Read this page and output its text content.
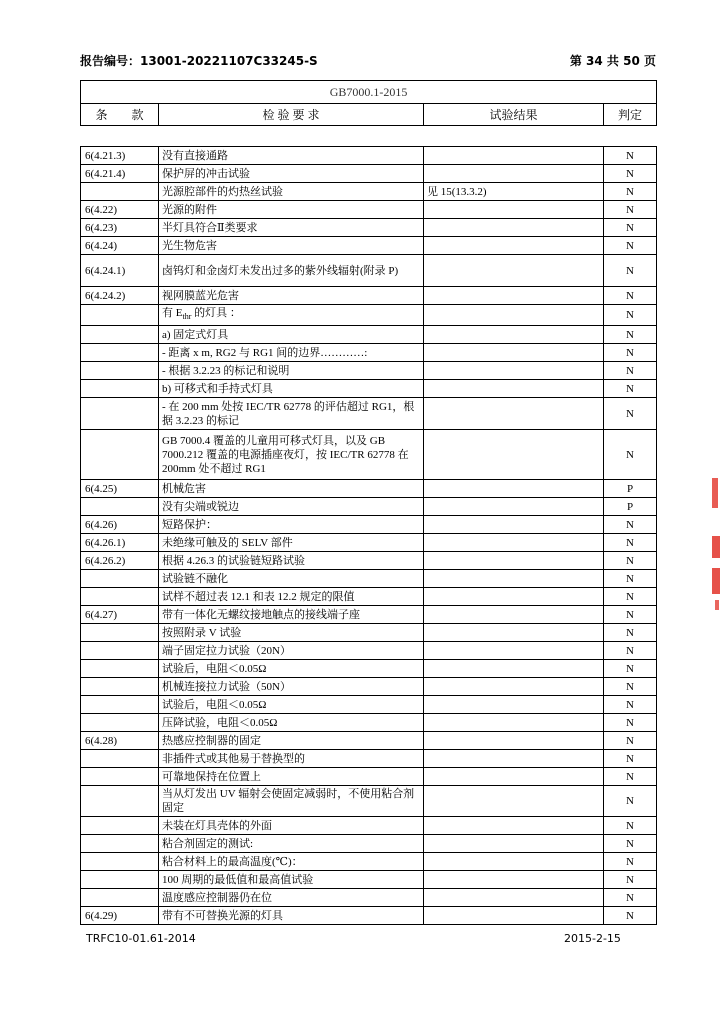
报告编号：13001-20221107C33245-S	第 34 共 50 页
GB7000.1-2015
条　　款	检 验 要 求	试验结果	判定
6(4.21.3)	没有直接通路		N
6(4.21.4)	保护屏的冲击试验		N
	光源腔部件的灼热丝试验	见 15(13.3.2)	N
6(4.22)	光源的附件		N
6(4.23)	半灯具符合Ⅱ类要求		N
6(4.24)	光生物危害		N
6(4.24.1)	卤钨灯和金卤灯未发出过多的紫外线辐射(附录 P)		N
6(4.24.2)	视网膜蓝光危害		N
	有 $E_{thr}$ 的灯具 ：		N
	a) 固定式灯具		N
	- 距离 x m, RG2 与 RG1 间的边界…………:		N
	- 根据 3.2.23 的标记和说明		N
	b) 可移式和手持式灯具		N
	- 在 200 mm 处按 IEC/TR 62778 的评估超过 RG1，根据 3.2.23 的标记		N
	GB 7000.4 覆盖的儿童用可移式灯具，以及 GB 7000.212 覆盖的电源插座夜灯，按 IEC/TR 62778 在 200mm 处不超过 RG1		N
6(4.25)	机械危害		P
	没有尖端或锐边		P
6(4.26)	短路保护：		N
6(4.26.1)	未绝缘可触及的 SELV 部件		N
6(4.26.2)	根据 4.26.3 的试验链短路试验		N
	试验链不融化		N
	试样不超过表 12.1 和表 12.2 规定的限值		N
6(4.27)	带有一体化无螺纹接地触点的接线端子座		N
	按照附录 V 试验		N
	端子固定拉力试验（20N）		N
	试验后，电阻＜0.05Ω		N
	机械连接拉力试验（50N）		N
	试验后，电阻＜0.05Ω		N
	压降试验，电阻＜0.05Ω		N
6(4.28)	热感应控制器的固定		N
	非插件式或其他易于替换型的		N
	可靠地保持在位置上		N
	当从灯发出 UV 辐射会使固定减弱时，不使用粘合剂固定		N
	未装在灯具壳体的外面		N
	粘合剂固定的测试:		N
	粘合材料上的最高温度(℃)：		N
	100 周期的最低值和最高值试验		N
	温度感应控制器仍在位		N
6(4.29)	带有不可替换光源的灯具		N
TRFC10-01.61-2014	2015-2-15
